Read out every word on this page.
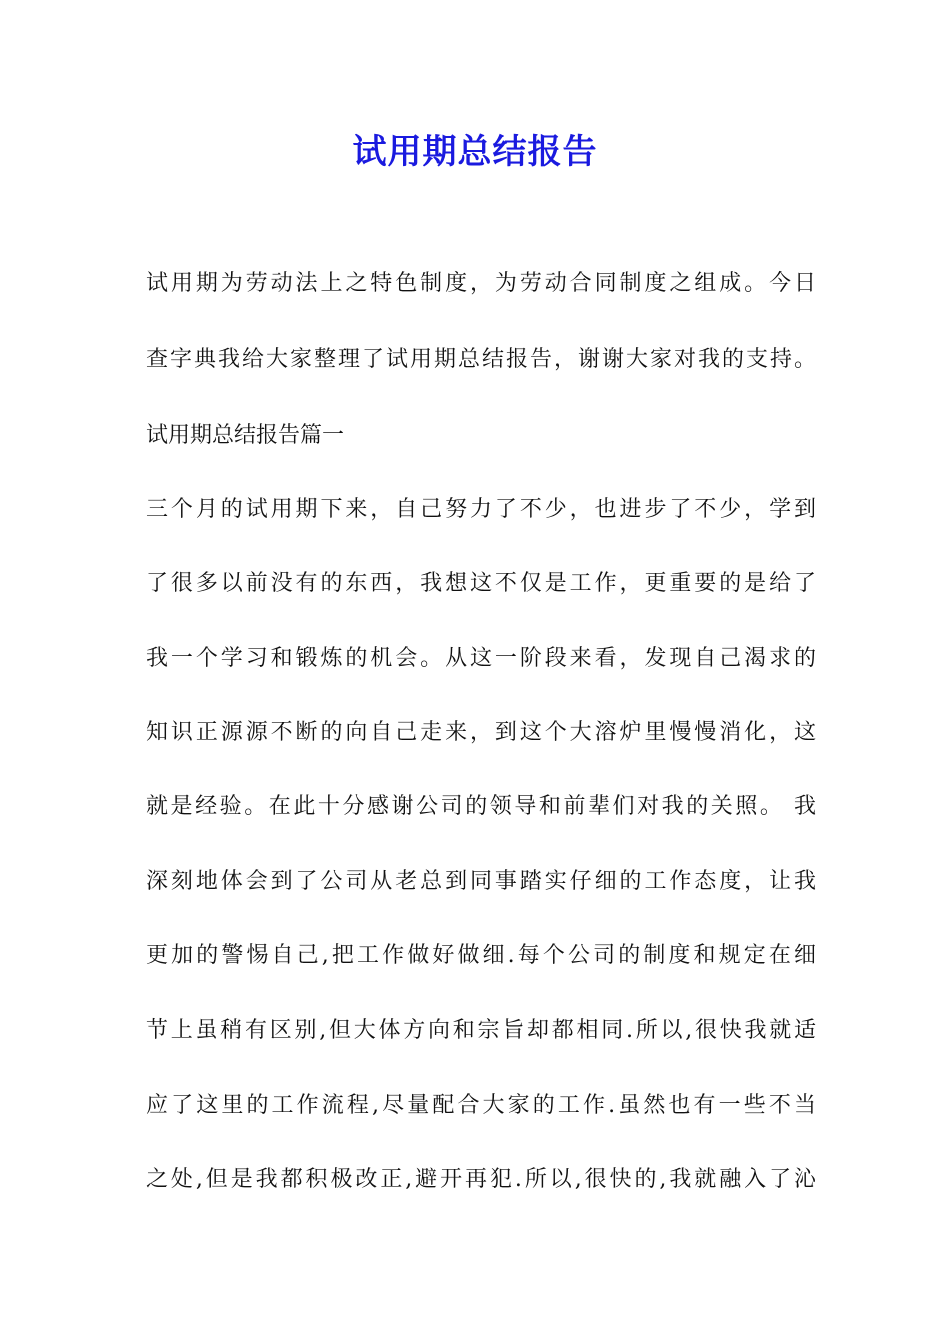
试用期总结报告

试用期为劳动法上之特色制度，为劳动合同制度之组成。今日

查字典我给大家整理了试用期总结报告，谢谢大家对我的支持。

试用期总结报告篇一

三个月的试用期下来，自己努力了不少，也进步了不少，学到

了很多以前没有的东西，我想这不仅是工作，更重要的是给了

我一个学习和锻炼的机会。从这一阶段来看，发现自己渴求的

知识正源源不断的向自己走来，到这个大溶炉里慢慢消化，这

就是经验。在此十分感谢公司的领导和前辈们对我的关照。 我

深刻地体会到了公司从老总到同事踏实仔细的工作态度，让我

更加的警惕自己,把工作做好做细.每个公司的制度和规定在细

节上虽稍有区别,但大体方向和宗旨却都相同.所以,很快我就适

应了这里的工作流程,尽量配合大家的工作.虽然也有一些不当

之处,但是我都积极改正,避开再犯.所以,很快的,我就融入了沁
